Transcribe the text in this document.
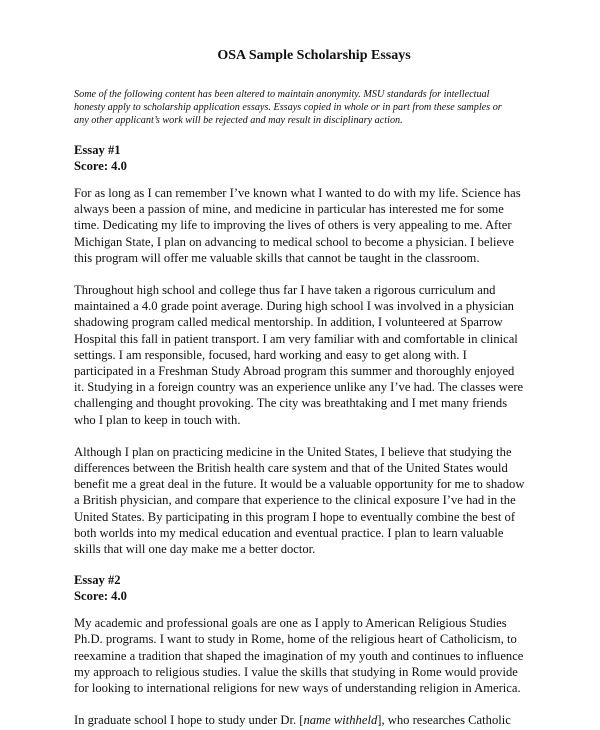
OSA Sample Scholarship Essays
Some of the following content has been altered to maintain anonymity. MSU standards for intellectual
honesty apply to scholarship application essays. Essays copied in whole or in part from these samples or
any other applicant’s work will be rejected and may result in disciplinary action.
Essay #1
Score: 4.0
For as long as I can remember I’ve known what I wanted to do with my life. Science has
always been a passion of mine, and medicine in particular has interested me for some
time. Dedicating my life to improving the lives of others is very appealing to me. After
Michigan State, I plan on advancing to medical school to become a physician. I believe
this program will offer me valuable skills that cannot be taught in the classroom.
Throughout high school and college thus far I have taken a rigorous curriculum and
maintained a 4.0 grade point average. During high school I was involved in a physician
shadowing program called medical mentorship. In addition, I volunteered at Sparrow
Hospital this fall in patient transport. I am very familiar with and comfortable in clinical
settings. I am responsible, focused, hard working and easy to get along with. I
participated in a Freshman Study Abroad program this summer and thoroughly enjoyed
it. Studying in a foreign country was an experience unlike any I’ve had. The classes were
challenging and thought provoking. The city was breathtaking and I met many friends
who I plan to keep in touch with.
Although I plan on practicing medicine in the United States, I believe that studying the
differences between the British health care system and that of the United States would
benefit me a great deal in the future. It would be a valuable opportunity for me to shadow
a British physician, and compare that experience to the clinical exposure I’ve had in the
United States. By participating in this program I hope to eventually combine the best of
both worlds into my medical education and eventual practice. I plan to learn valuable
skills that will one day make me a better doctor.
Essay #2
Score: 4.0
My academic and professional goals are one as I apply to American Religious Studies
Ph.D. programs. I want to study in Rome, home of the religious heart of Catholicism, to
reexamine a tradition that shaped the imagination of my youth and continues to influence
my approach to religious studies. I value the skills that studying in Rome would provide
for looking to international religions for new ways of understanding religion in America.
In graduate school I hope to study under Dr. [name withheld], who researches Catholic
